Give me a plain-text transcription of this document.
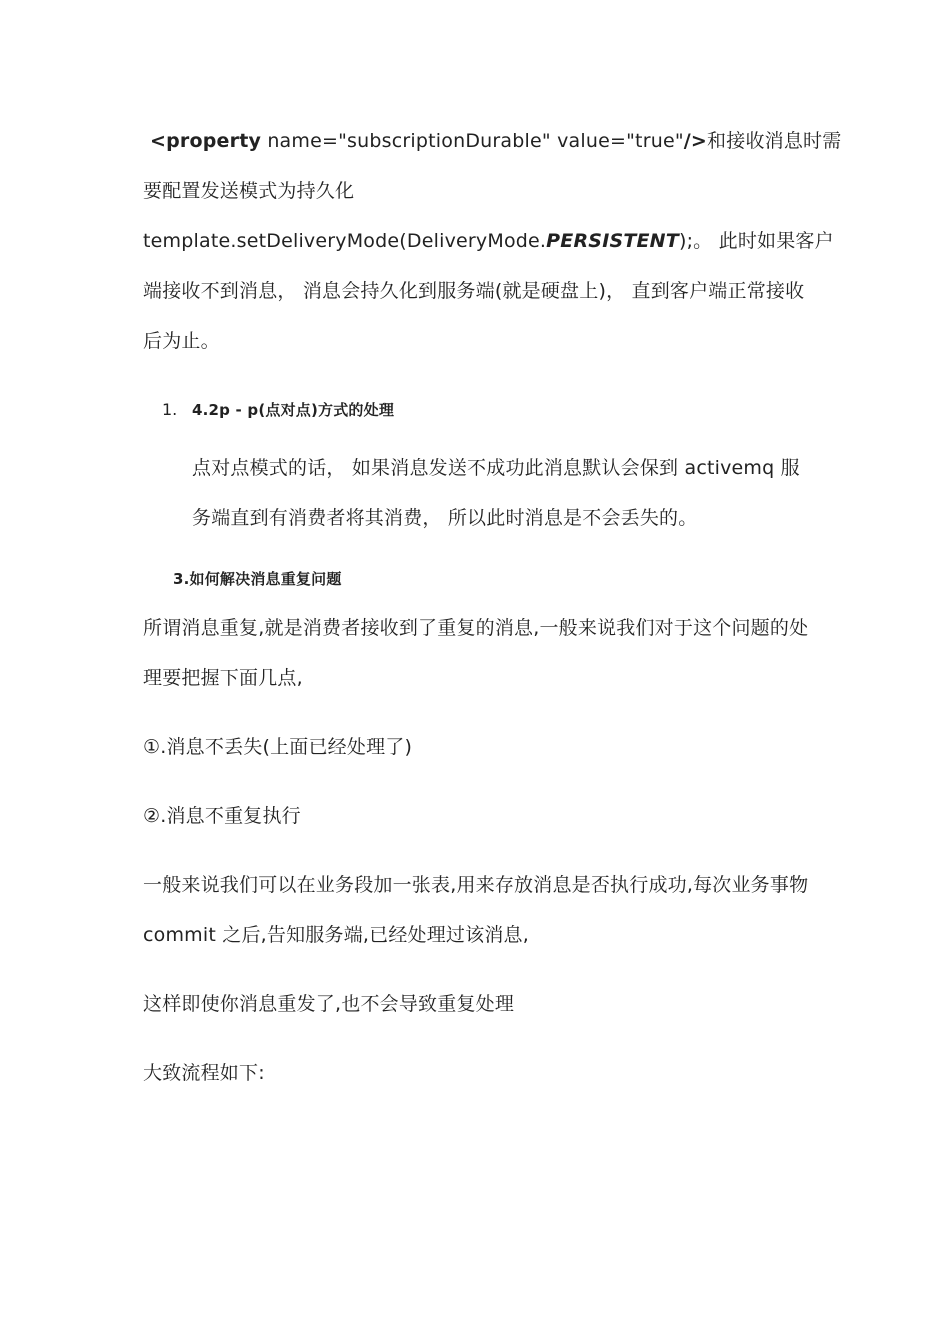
<property name="subscriptionDurable" value="true"/>和接收消息时需
要配置发送模式为持久化
template.setDeliveryMode(DeliveryMode.PERSISTENT);。 此时如果客户
端接收不到消息， 消息会持久化到服务端(就是硬盘上)， 直到客户端正常接收
后为止。
1. 4.2p - p(点对点)方式的处理
点对点模式的话， 如果消息发送不成功此消息默认会保到 activemq 服
务端直到有消费者将其消费， 所以此时消息是不会丢失的。
3.如何解决消息重复问题
所谓消息重复,就是消费者接收到了重复的消息,一般来说我们对于这个问题的处
理要把握下面几点,
①.消息不丢失(上面已经处理了)
②.消息不重复执行
一般来说我们可以在业务段加一张表,用来存放消息是否执行成功,每次业务事物
commit 之后,告知服务端,已经处理过该消息,
这样即使你消息重发了,也不会导致重复处理
大致流程如下:
